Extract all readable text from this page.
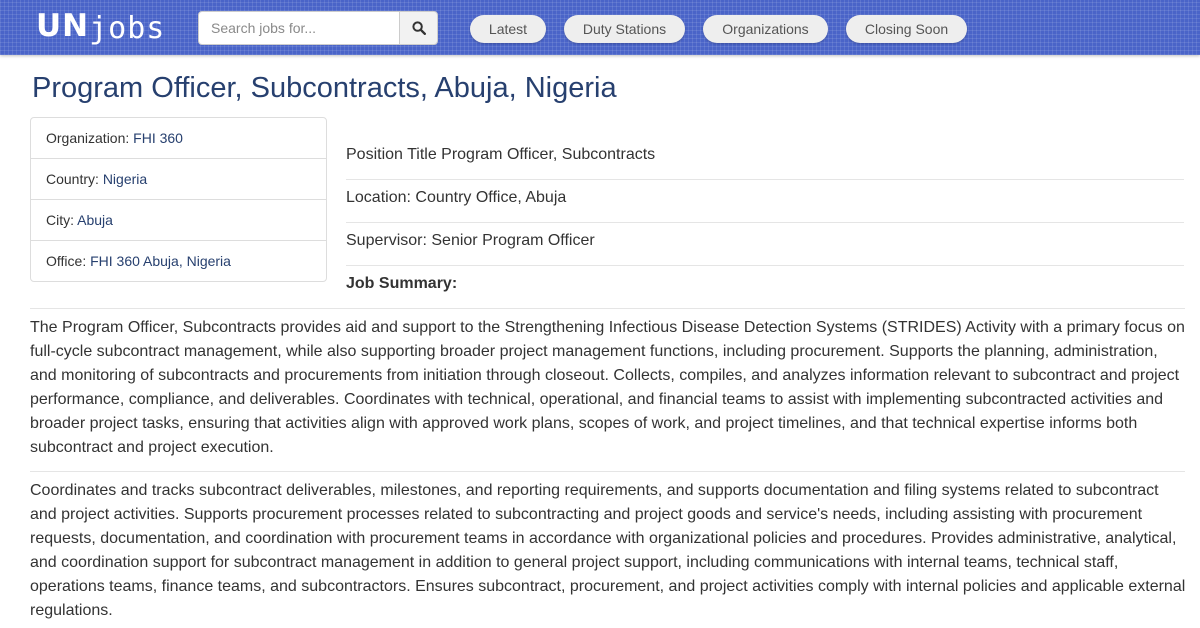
UNjobs
Search jobs for...	Latest	Duty Stations	Organizations	Closing Soon
Program Officer, Subcontracts, Abuja, Nigeria
Organization: FHI 360
Country: Nigeria
City: Abuja
Office: FHI 360 Abuja, Nigeria
Position Title Program Officer, Subcontracts
Location: Country Office, Abuja
Supervisor: Senior Program Officer
Job Summary:

The Program Officer, Subcontracts provides aid and support to the Strengthening Infectious Disease Detection Systems (STRIDES) Activity with a primary focus on full-cycle subcontract management, while also supporting broader project management functions, including procurement. Supports the planning, administration, and monitoring of subcontracts and procurements from initiation through closeout. Collects, compiles, and analyzes information relevant to subcontract and project performance, compliance, and deliverables. Coordinates with technical, operational, and financial teams to assist with implementing subcontracted activities and broader project tasks, ensuring that activities align with approved work plans, scopes of work, and project timelines, and that technical expertise informs both subcontract and project execution.

Coordinates and tracks subcontract deliverables, milestones, and reporting requirements, and supports documentation and filing systems related to subcontract and project activities. Supports procurement processes related to subcontracting and project goods and service's needs, including assisting with procurement requests, documentation, and coordination with procurement teams in accordance with organizational policies and procedures. Provides administrative, analytical, and coordination support for subcontract management in addition to general project support, including communications with internal teams, technical staff, operations teams, finance teams, and subcontractors. Ensures subcontract, procurement, and project activities comply with internal policies and applicable external regulations.
